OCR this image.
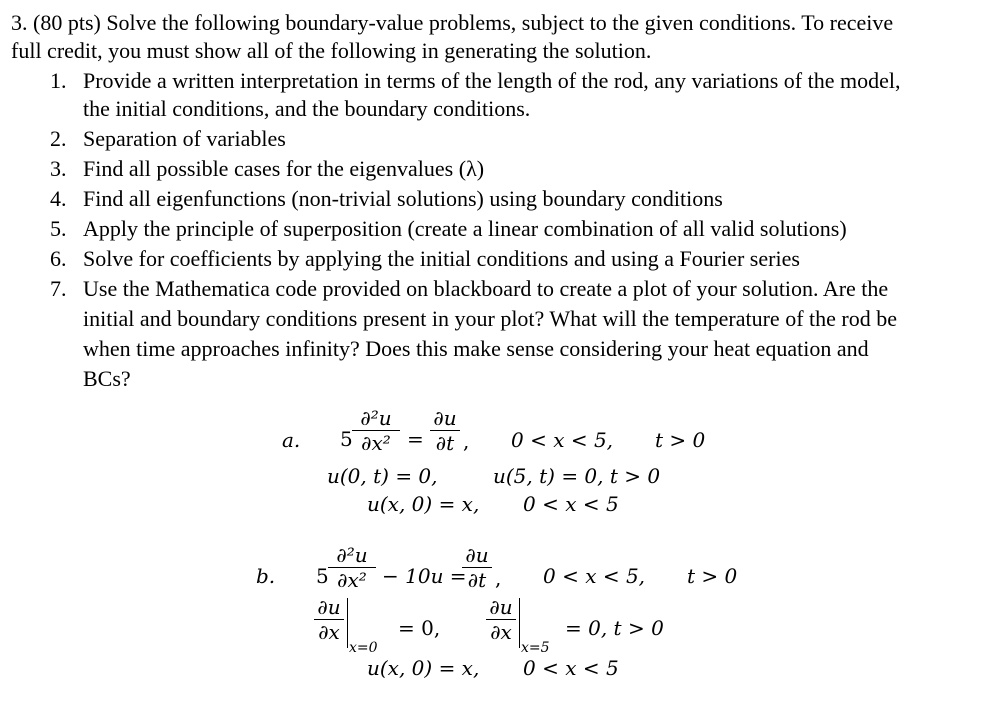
3. (80 pts) Solve the following boundary-value problems, subject to the given conditions. To receive
full credit, you must show all of the following in generating the solution.
1. Provide a written interpretation in terms of the length of the rod, any variations of the model,
the initial conditions, and the boundary conditions.
2. Separation of variables
3. Find all possible cases for the eigenvalues (λ)
4. Find all eigenfunctions (non-trivial solutions) using boundary conditions
5. Apply the principle of superposition (create a linear combination of all valid solutions)
6. Solve for coefficients by applying the initial conditions and using a Fourier series
7. Use the Mathematica code provided on blackboard to create a plot of your solution. Are the
initial and boundary conditions present in your plot? What will the temperature of the rod be
when time approaches infinity? Does this make sense considering your heat equation and
BCs?
a. 5
∂²u
∂x² =
∂u
∂t , 0 < x < 5, t > 0
u(0, t) = 0,	u(5, t) = 0, t > 0
u(x, 0) = x, 0 < x < 5
b. 5
∂²u
∂x² − 10u =
∂u
∂t , 0 < x < 5, t > 0
∂u
∂x
x=0
= 0,
∂u
∂x
x=5
= 0, t > 0
u(x, 0) = x, 0 < x < 5
